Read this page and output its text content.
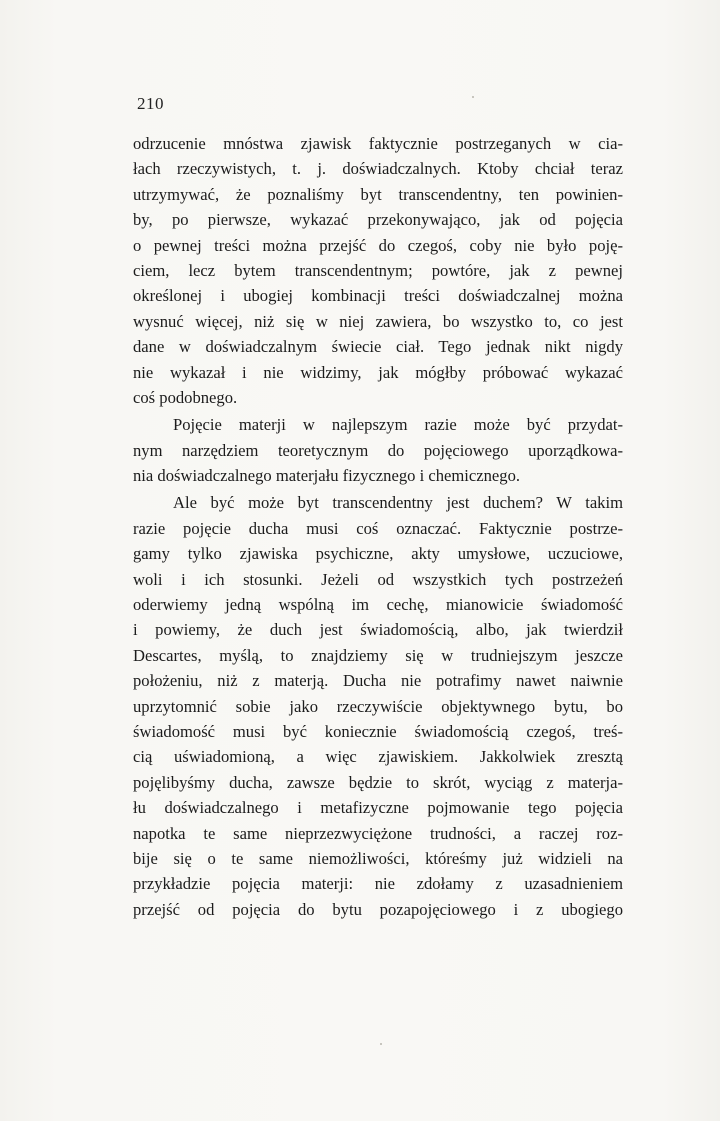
210
odrzucenie mnóstwa zjawisk faktycznie postrzeganych w cia-
łach rzeczywistych, t. j. doświadczalnych. Ktoby chciał teraz
utrzymywać, że poznaliśmy byt transcendentny, ten powinien-
by, po pierwsze, wykazać przekonywająco, jak od pojęcia
o pewnej treści można przejść do czegoś, coby nie było poję-
ciem, lecz bytem transcendentnym; powtóre, jak z pewnej
określonej i ubogiej kombinacji treści doświadczalnej można
wysnuć więcej, niż się w niej zawiera, bo wszystko to, co jest
dane w doświadczalnym świecie ciał. Tego jednak nikt nigdy
nie wykazał i nie widzimy, jak mógłby próbować wykazać
coś podobnego.
Pojęcie materji w najlepszym razie może być przydat-
nym narzędziem teoretycznym do pojęciowego uporządkowa-
nia doświadczalnego materjału fizycznego i chemicznego.
Ale być może byt transcendentny jest duchem? W takim
razie pojęcie ducha musi coś oznaczać. Faktycznie postrze-
gamy tylko zjawiska psychiczne, akty umysłowe, uczuciowe,
woli i ich stosunki. Jeżeli od wszystkich tych postrzeżeń
oderwiemy jedną wspólną im cechę, mianowicie świadomość
i powiemy, że duch jest świadomością, albo, jak twierdził
Descartes, myślą, to znajdziemy się w trudniejszym jeszcze
położeniu, niż z materją. Ducha nie potrafimy nawet naiwnie
uprzytomnić sobie jako rzeczywiście objektywnego bytu, bo
świadomość musi być koniecznie świadomością czegoś, treś-
cią uświadomioną, a więc zjawiskiem. Jakkolwiek zresztą
pojęlibyśmy ducha, zawsze będzie to skrót, wyciąg z materja-
łu doświadczalnego i metafizyczne pojmowanie tego pojęcia
napotka te same nieprzezwyciężone trudności, a raczej roz-
bije się o te same niemożliwości, któreśmy już widzieli na
przykładzie pojęcia materji: nie zdołamy z uzasadnieniem
przejść od pojęcia do bytu pozapojęciowego i z ubogiego
